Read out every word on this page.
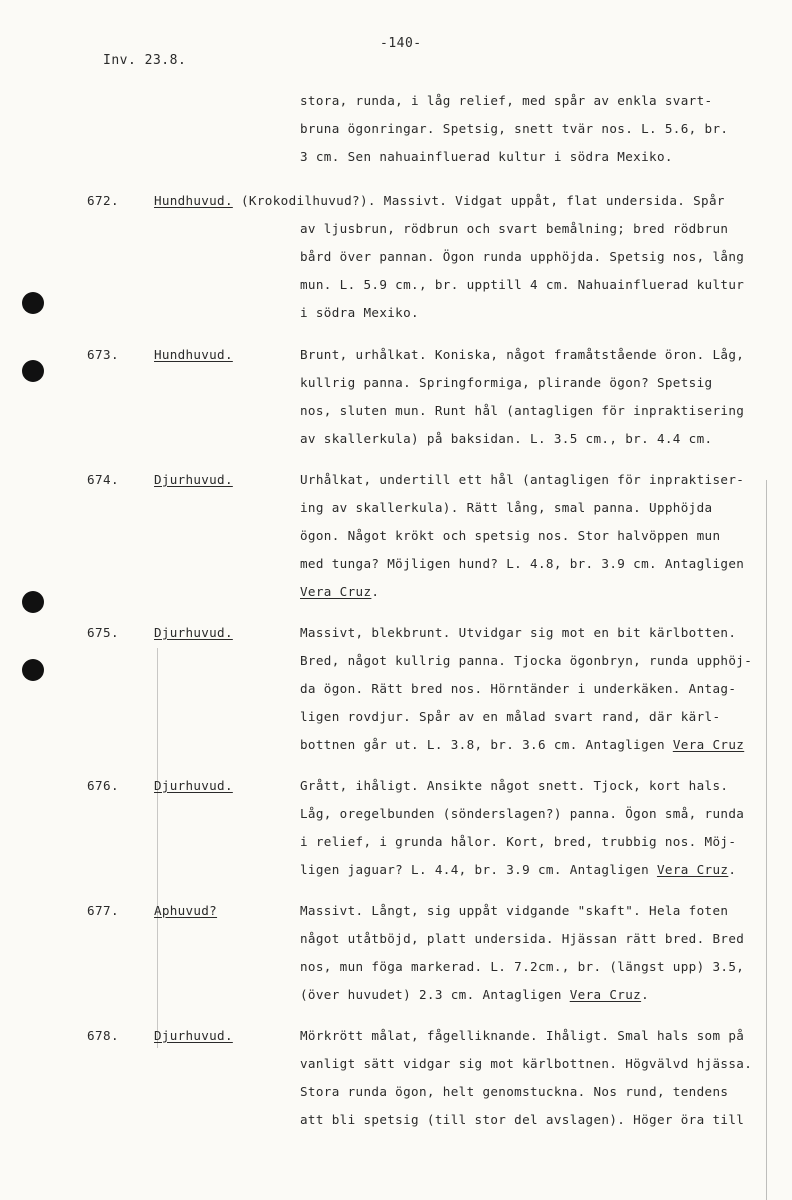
-140-
Inv. 23.8.
stora, runda, i låg relief, med spår av enkla svart-
bruna ögonringar. Spetsig, snett tvär nos. L. 5.6, br.
3 cm. Sen nahuainfluerad kultur i södra Mexiko.
672.	Hundhuvud. (Krokodilhuvud?). Massivt. Vidgat uppåt, flat undersida. Spår
av ljusbrun, rödbrun och svart bemålning; bred rödbrun
bård över pannan. Ögon runda upphöjda. Spetsig nos, lång
mun. L. 5.9 cm., br. upptill 4 cm. Nahuainfluerad kultur
i södra Mexiko.
673.	Hundhuvud.	Brunt, urhålkat. Koniska, något framåtstående öron. Låg,
kullrig panna. Springformiga, plirande ögon? Spetsig
nos, sluten mun. Runt hål (antagligen för inpraktisering
av skallerkula) på baksidan. L. 3.5 cm., br. 4.4 cm.
674.	Djurhuvud.	Urhålkat, undertill ett hål (antagligen för inpraktiser-
ing av skallerkula). Rätt lång, smal panna. Upphöjda
ögon. Något krökt och spetsig nos. Stor halvöppen mun
med tunga? Möjligen hund? L. 4.8, br. 3.9 cm. Antagligen
Vera Cruz.
675.	Djurhuvud.	Massivt, blekbrunt. Utvidgar sig mot en bit kärlbotten.
Bred, något kullrig panna. Tjocka ögonbryn, runda upphöj-
da ögon. Rätt bred nos. Hörntänder i underkäken. Antag-
ligen rovdjur. Spår av en målad svart rand, där kärl-
bottnen går ut. L. 3.8, br. 3.6 cm. Antagligen Vera Cruz
676.	Djurhuvud.	Grått, ihåligt. Ansikte något snett. Tjock, kort hals.
Låg, oregelbunden (sönderslagen?) panna. Ögon små, runda
i relief, i grunda hålor. Kort, bred, trubbig nos. Möj-
ligen jaguar? L. 4.4, br. 3.9 cm. Antagligen Vera Cruz.
677.	Aphuvud?	Massivt. Långt, sig uppåt vidgande "skaft". Hela foten
något utåtböjd, platt undersida. Hjässan rätt bred. Bred
nos, mun föga markerad. L. 7.2cm., br. (längst upp) 3.5,
(över huvudet) 2.3 cm. Antagligen Vera Cruz.
678.	Djurhuvud.	Mörkrött målat, fågelliknande. Ihåligt. Smal hals som på
vanligt sätt vidgar sig mot kärlbottnen. Högvälvd hjässa.
Stora runda ögon, helt genomstuckna. Nos rund, tendens
att bli spetsig (till stor del avslagen). Höger öra till
